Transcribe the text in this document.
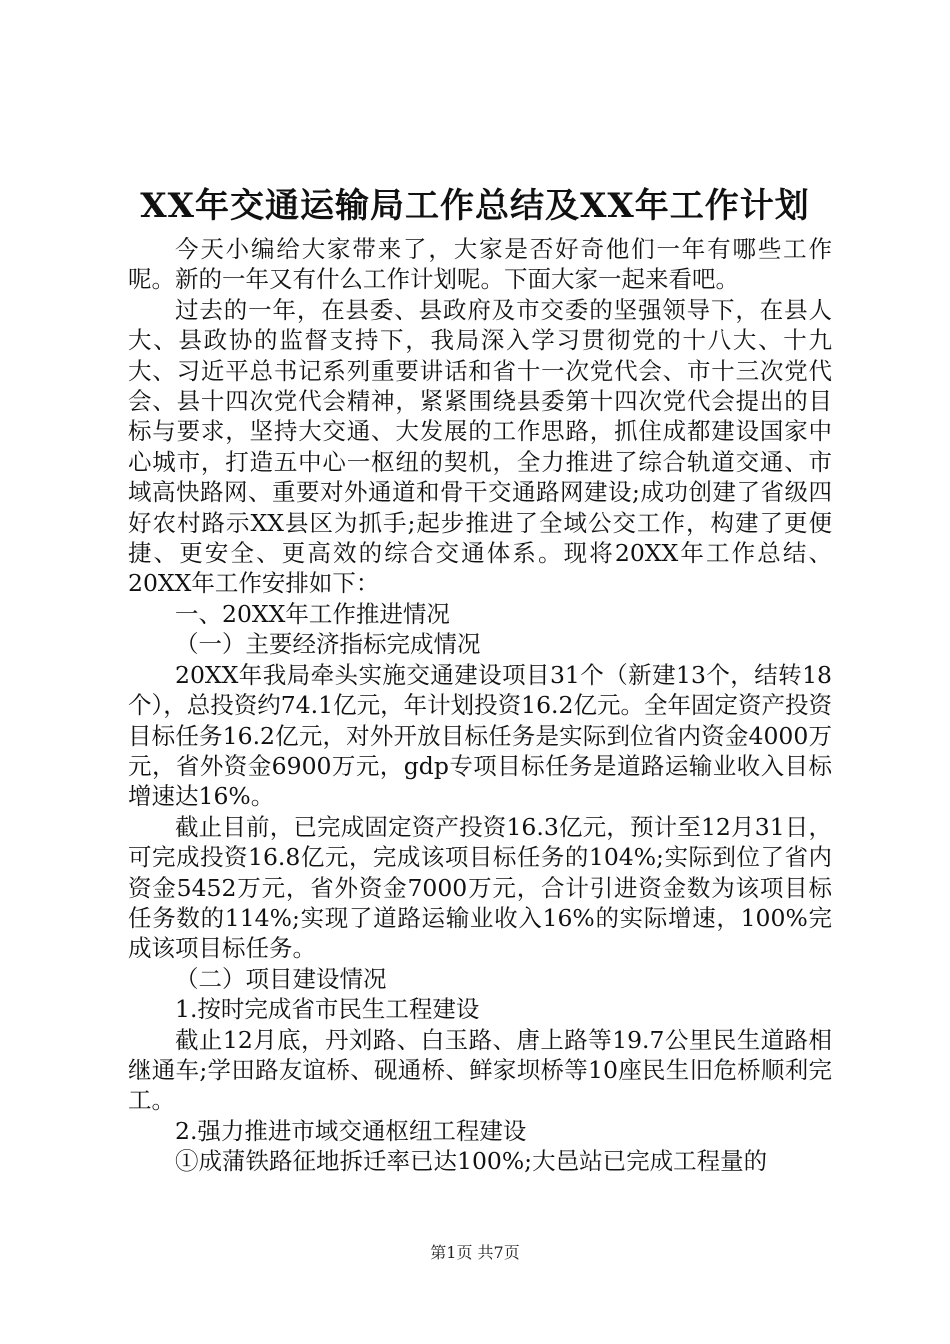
XX年交通运输局工作总结及XX年工作计划

今天小编给大家带来了，大家是否好奇他们一年有哪些工作呢。新的一年又有什么工作计划呢。下面大家一起来看吧。

过去的一年，在县委、县政府及市交委的坚强领导下，在县人大、县政协的监督支持下，我局深入学习贯彻党的十八大、十九大、习近平总书记系列重要讲话和省十一次党代会、市十三次党代会、县十四次党代会精神，紧紧围绕县委第十四次党代会提出的目标与要求，坚持大交通、大发展的工作思路，抓住成都建设国家中心城市，打造五中心一枢纽的契机，全力推进了综合轨道交通、市域高快路网、重要对外通道和骨干交通路网建设;成功创建了省级四好农村路示XX县区为抓手;起步推进了全域公交工作，构建了更便捷、更安全、更高效的综合交通体系。现将20XX年工作总结、20XX年工作安排如下：

一、20XX年工作推进情况

（一）主要经济指标完成情况

20XX年我局牵头实施交通建设项目31个（新建13个，结转18个），总投资约74.1亿元，年计划投资16.2亿元。全年固定资产投资目标任务16.2亿元，对外开放目标任务是实际到位省内资金4000万元，省外资金6900万元，gdp专项目标任务是道路运输业收入目标增速达16%。

截止目前，已完成固定资产投资16.3亿元，预计至12月31日，可完成投资16.8亿元，完成该项目标任务的104%;实际到位了省内资金5452万元，省外资金7000万元，合计引进资金数为该项目标任务数的114%;实现了道路运输业收入16%的实际增速，100%完成该项目标任务。

（二）项目建设情况

1.按时完成省市民生工程建设

截止12月底，丹刘路、白玉路、唐上路等19.7公里民生道路相继通车;学田路友谊桥、砚通桥、鲜家坝桥等10座民生旧危桥顺利完工。

2.强力推进市域交通枢纽工程建设

①成蒲铁路征地拆迁率已达100%;大邑站已完成工程量的

第1页 共7页
